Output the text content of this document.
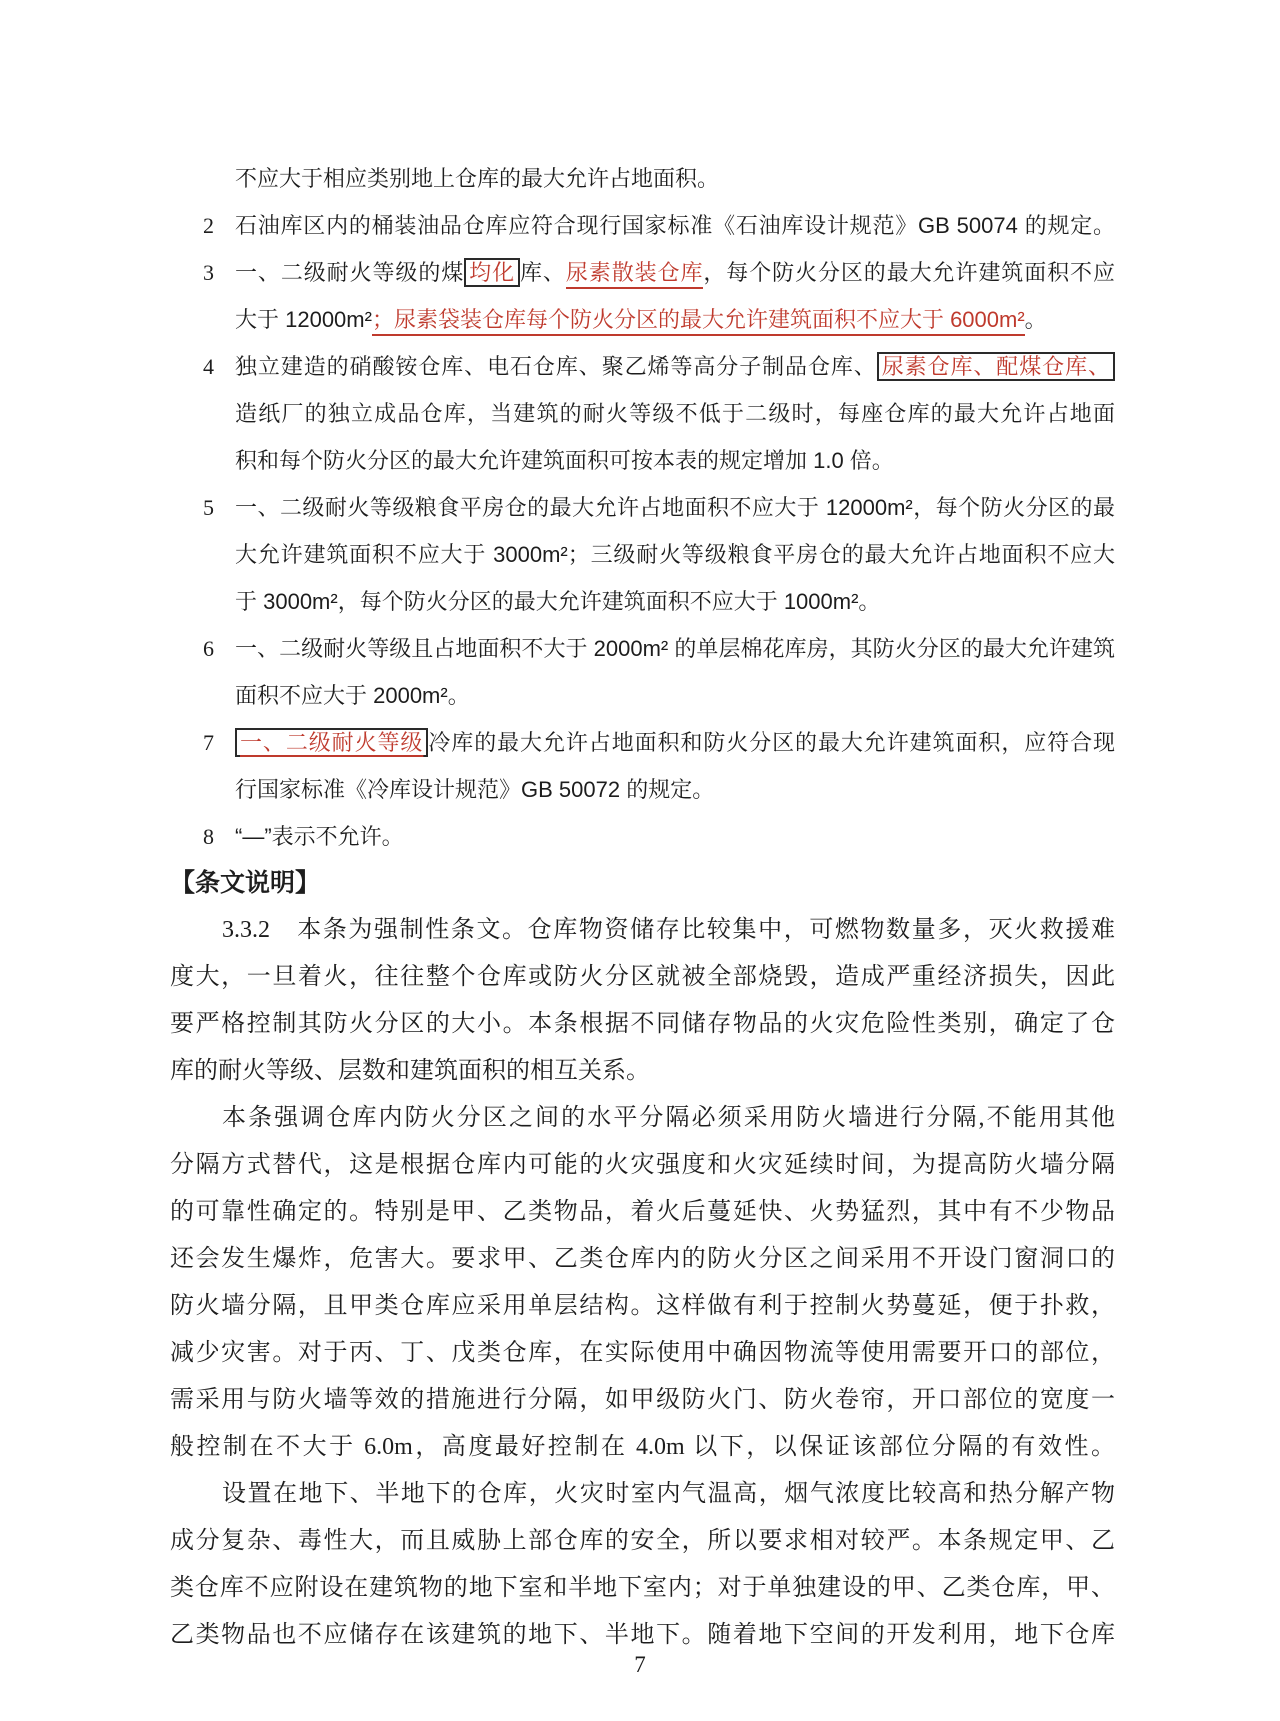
不应大于相应类别地上仓库的最大允许占地面积。
2 石油库区内的桶装油品仓库应符合现行国家标准《石油库设计规范》GB 50074 的规定。
3 一、二级耐火等级的煤 均化 库、尿素散装仓库，每个防火分区的最大允许建筑面积不应
大于 12000m²；尿素袋装仓库每个防火分区的最大允许建筑面积不应大于 6000m²。
4 独立建造的硝酸铵仓库、电石仓库、聚乙烯等高分子制品仓库、 尿素仓库、配煤仓库、
造纸厂的独立成品仓库，当建筑的耐火等级不低于二级时，每座仓库的最大允许占地面
积和每个防火分区的最大允许建筑面积可按本表的规定增加 1.0 倍。
5 一、二级耐火等级粮食平房仓的最大允许占地面积不应大于 12000m²，每个防火分区的最
大允许建筑面积不应大于 3000m²；三级耐火等级粮食平房仓的最大允许占地面积不应大
于 3000m²，每个防火分区的最大允许建筑面积不应大于 1000m²。
6 一、二级耐火等级且占地面积不大于 2000m² 的单层棉花库房，其防火分区的最大允许建筑
面积不应大于 2000m²。
7 一、二级耐火等级 冷库的最大允许占地面积和防火分区的最大允许建筑面积，应符合现
行国家标准《冷库设计规范》GB 50072 的规定。
8 “—”表示不允许。
【条文说明】
3.3.2　本条为强制性条文。仓库物资储存比较集中，可燃物数量多，灭火救援难
度大，一旦着火，往往整个仓库或防火分区就被全部烧毁，造成严重经济损失，因此
要严格控制其防火分区的大小。本条根据不同储存物品的火灾危险性类别，确定了仓
库的耐火等级、层数和建筑面积的相互关系。
本条强调仓库内防火分区之间的水平分隔必须采用防火墙进行分隔,不能用其他
分隔方式替代，这是根据仓库内可能的火灾强度和火灾延续时间，为提高防火墙分隔
的可靠性确定的。特别是甲、乙类物品，着火后蔓延快、火势猛烈，其中有不少物品
还会发生爆炸，危害大。要求甲、乙类仓库内的防火分区之间采用不开设门窗洞口的
防火墙分隔，且甲类仓库应采用单层结构。这样做有利于控制火势蔓延，便于扑救，
减少灾害。对于丙、丁、戊类仓库，在实际使用中确因物流等使用需要开口的部位，
需采用与防火墙等效的措施进行分隔，如甲级防火门、防火卷帘，开口部位的宽度一
般控制在不大于 6.0m，高度最好控制在 4.0m 以下，以保证该部位分隔的有效性。
设置在地下、半地下的仓库，火灾时室内气温高，烟气浓度比较高和热分解产物
成分复杂、毒性大，而且威胁上部仓库的安全，所以要求相对较严。本条规定甲、乙
类仓库不应附设在建筑物的地下室和半地下室内；对于单独建设的甲、乙类仓库，甲、
乙类物品也不应储存在该建筑的地下、半地下。随着地下空间的开发利用，地下仓库
7
